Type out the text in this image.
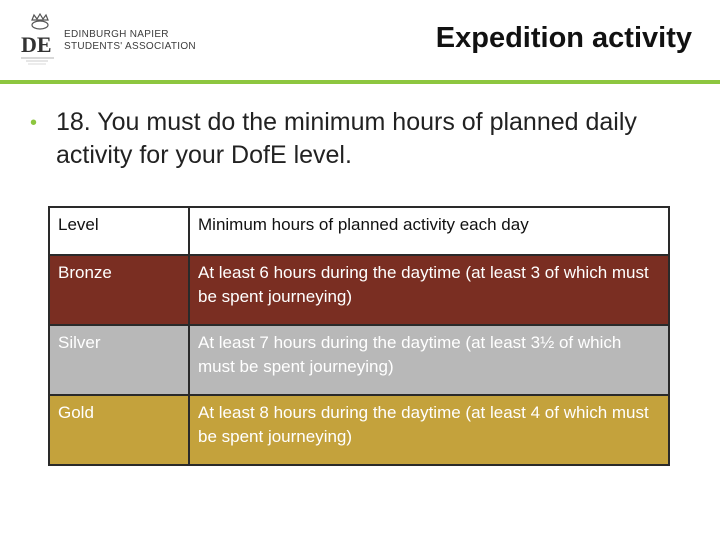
DE EDINBURGH NAPIER
STUDENTS' ASSOCIATION	Expedition activity
• 18. You must do the minimum hours of planned daily activity for your DofE level.
Level	Minimum hours of planned activity each day
Bronze	At least 6 hours during the daytime (at least 3 of which must be spent journeying)
Silver	At least 7 hours during the daytime (at least 3½ of which must be spent journeying)
Gold	At least 8 hours during the daytime (at least 4 of which must be spent journeying)
